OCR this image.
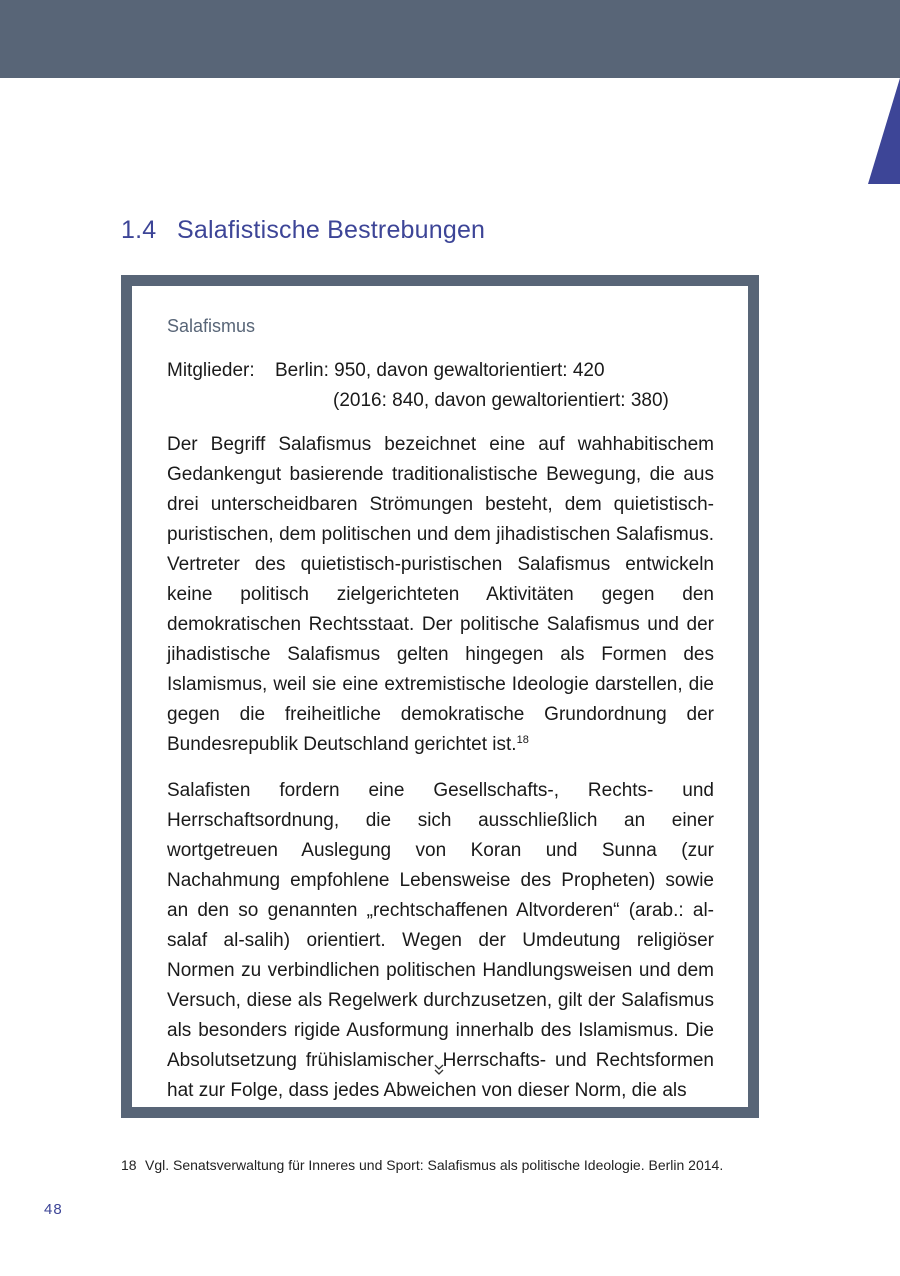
1.4 Salafistische Bestrebungen
Salafismus
Mitglieder:	Berlin: 950, davon gewaltorientiert: 420
(2016: 840, davon gewaltorientiert: 380)

Der Begriff Salafismus bezeichnet eine auf wahhabitischem Gedankengut basierende traditionalistische Bewegung, die aus drei unterscheidbaren Strömungen besteht, dem quietistisch-puristischen, dem politischen und dem jihadistischen Salafismus. Vertreter des quietistisch-puristischen Salafismus entwickeln keine politisch zielgerichteten Aktivitäten gegen den demokratischen Rechtsstaat. Der politische Salafismus und der jihadistische Salafismus gelten hingegen als Formen des Islamismus, weil sie eine extremistische Ideologie darstellen, die gegen die freiheitliche demokratische Grundordnung der Bundesrepublik Deutschland gerichtet ist.$^{18}$

Salafisten fordern eine Gesellschafts-, Rechts- und Herrschaftsordnung, die sich ausschließlich an einer wortgetreuen Auslegung von Koran und Sunna (zur Nachahmung empfohlene Lebensweise des Propheten) sowie an den so genannten „rechtschaffenen Altvorderen“ (arab.: al-salaf al-salih) orientiert. Wegen der Umdeutung religiöser Normen zu verbindlichen politischen Handlungsweisen und dem Versuch, diese als Regelwerk durchzusetzen, gilt der Salafismus als besonders rigide Ausformung innerhalb des Islamismus. Die Absolutsetzung frühislamischer Herrschafts- und Rechtsformen hat zur Folge, dass jedes Abweichen von dieser Norm, die als

18 Vgl. Senatsverwaltung für Inneres und Sport: Salafismus als politische Ideologie. Berlin 2014.
48
